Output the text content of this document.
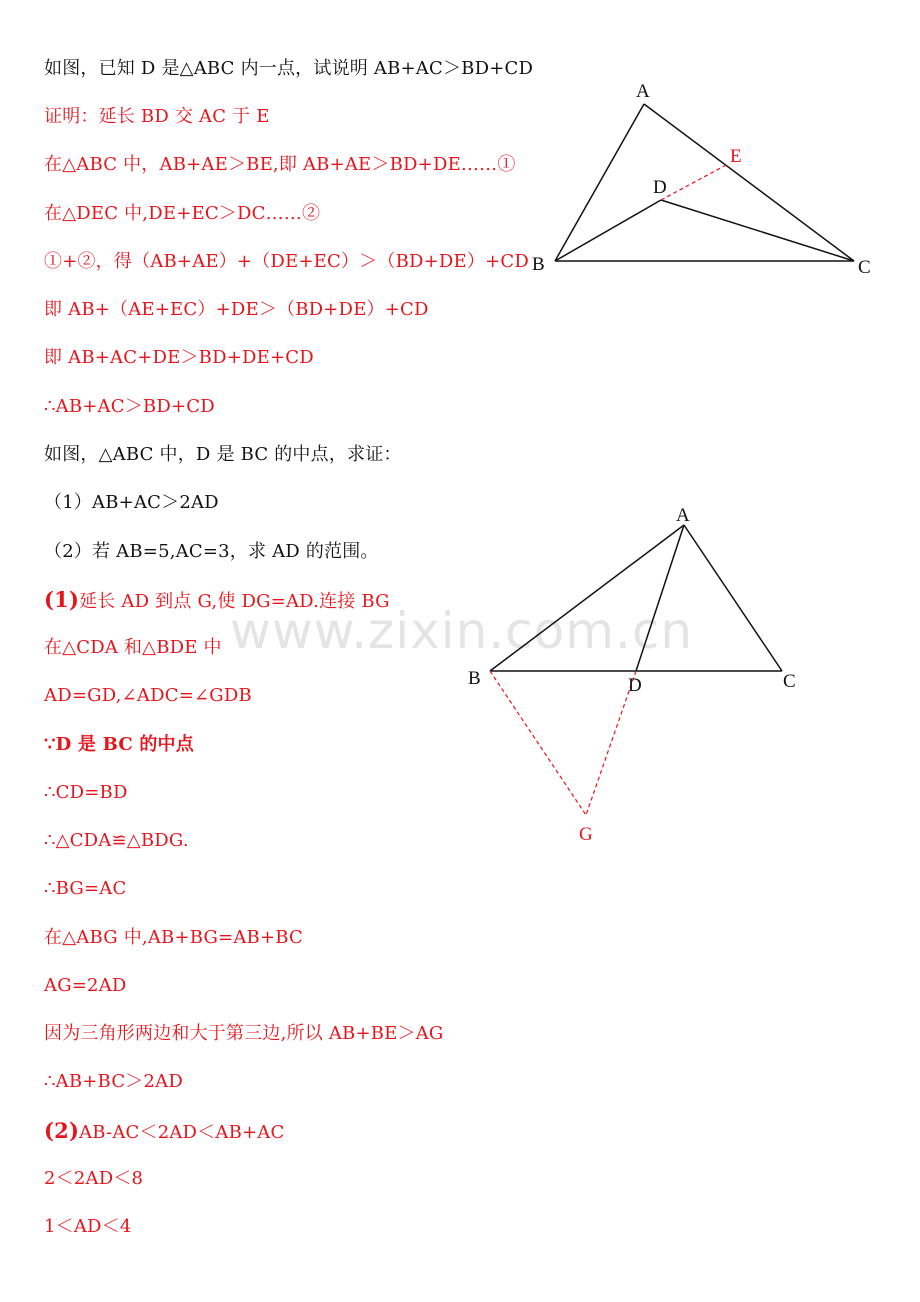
www.zixin.com.cn
如图，已知 D 是△ABC 内一点，试说明 AB+AC＞BD+CD
证明：延长 BD 交 AC 于 E
在△ABC 中，AB+AE＞BE,即 AB+AE＞BD+DE……①
在△DEC 中,DE+EC＞DC……②
①+②，得（AB+AE）+（DE+EC）＞（BD+DE）+CD
即 AB+（AE+EC）+DE＞（BD+DE）+CD
即 AB+AC+DE＞BD+DE+CD
∴AB+AC＞BD+CD
如图，△ABC 中，D 是 BC 的中点，求证：
（1）AB+AC＞2AD
（2）若 AB=5,AC=3，求 AD 的范围。
(1)延长 AD 到点 G,使 DG=AD.连接 BG
在△CDA 和△BDE 中
AD=GD,∠ADC=∠GDB
∵D 是 BC 的中点
∴CD=BD
∴△CDA≌△BDG.
∴BG=AC
在△ABG 中,AB+BG=AB+BC
AG=2AD
因为三角形两边和大于第三边,所以 AB+BE＞AG
∴AB+BC＞2AD
(2)AB-AC＜2AD＜AB+AC
2＜2AD＜8
1＜AD＜4
A
B	C
D
E
A
B	C
D
G
